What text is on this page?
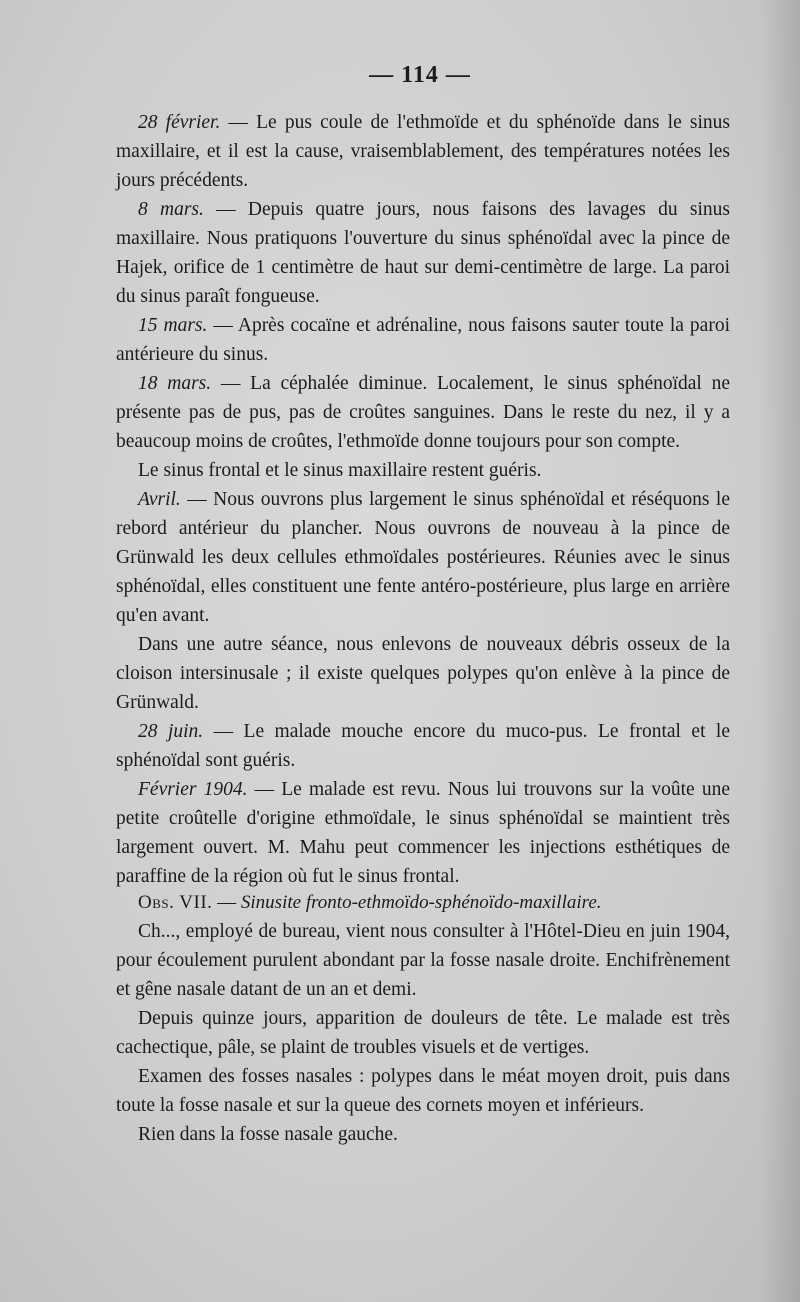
— 114 —

28 février. — Le pus coule de l'ethmoïde et du sphénoïde dans le sinus maxillaire, et il est la cause, vraisemblablement, des températures notées les jours précédents.

8 mars. — Depuis quatre jours, nous faisons des lavages du sinus maxillaire. Nous pratiquons l'ouverture du sinus sphénoïdal avec la pince de Hajek, orifice de 1 centimètre de haut sur demi-centimètre de large. La paroi du sinus paraît fongueuse.

15 mars. — Après cocaïne et adrénaline, nous faisons sauter toute la paroi antérieure du sinus.

18 mars. — La céphalée diminue. Localement, le sinus sphénoïdal ne présente pas de pus, pas de croûtes sanguines. Dans le reste du nez, il y a beaucoup moins de croûtes, l'ethmoïde donne toujours pour son compte.

Le sinus frontal et le sinus maxillaire restent guéris.

Avril. — Nous ouvrons plus largement le sinus sphénoïdal et réséquons le rebord antérieur du plancher. Nous ouvrons de nouveau à la pince de Grünwald les deux cellules ethmoïdales postérieures. Réunies avec le sinus sphénoïdal, elles constituent une fente antéro-postérieure, plus large en arrière qu'en avant.

Dans une autre séance, nous enlevons de nouveaux débris osseux de la cloison intersinusale ; il existe quelques polypes qu'on enlève à la pince de Grünwald.

28 juin. — Le malade mouche encore du muco-pus. Le frontal et le sphénoïdal sont guéris.

Février 1904. — Le malade est revu. Nous lui trouvons sur la voûte une petite croûtelle d'origine ethmoïdale, le sinus sphénoïdal se maintient très largement ouvert. M. Mahu peut commencer les injections esthétiques de paraffine de la région où fut le sinus frontal.

Obs. VII. — Sinusite fronto-ethmoïdo-sphénoïdo-maxillaire.

Ch..., employé de bureau, vient nous consulter à l'Hôtel-Dieu en juin 1904, pour écoulement purulent abondant par la fosse nasale droite. Enchifrènement et gêne nasale datant de un an et demi.

Depuis quinze jours, apparition de douleurs de tête. Le malade est très cachectique, pâle, se plaint de troubles visuels et de vertiges.

Examen des fosses nasales : polypes dans le méat moyen droit, puis dans toute la fosse nasale et sur la queue des cornets moyen et inférieurs.

Rien dans la fosse nasale gauche.
